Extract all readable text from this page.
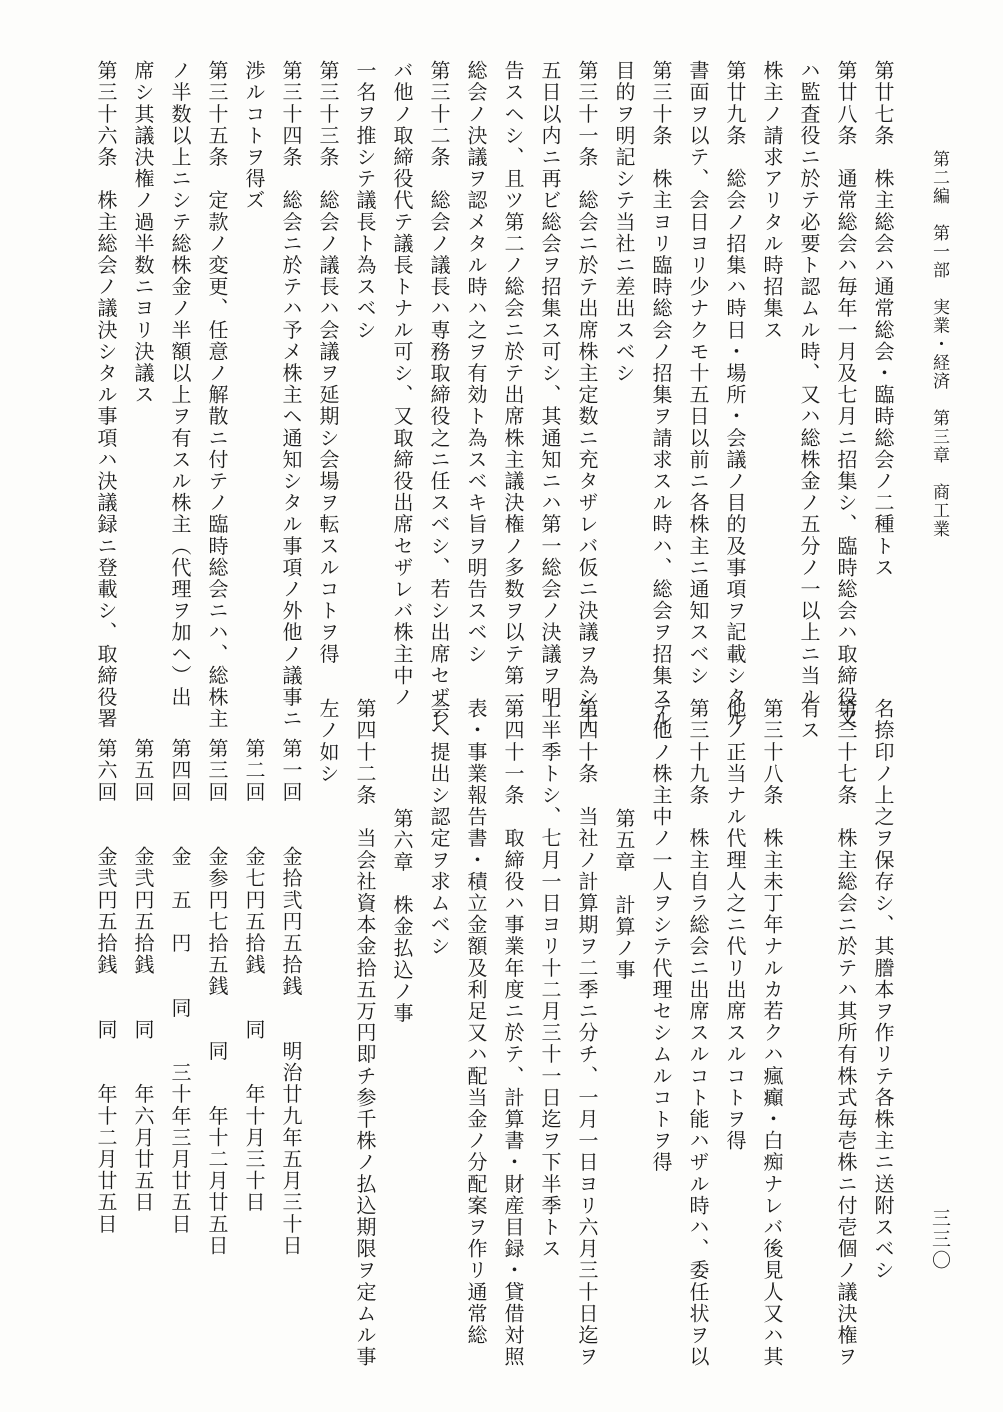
第二編　第一部　実業・経済　第三章　商工業
三三〇
名捺印ノ上之ヲ保存シ、其謄本ヲ作リテ各株主ニ送附スベシ
第三十七条　株主総会ニ於テハ其所有株式毎壱株ニ付壱個ノ議決権ヲ
有ス
第三十八条　株主未丁年ナルカ若クハ瘋癲・白痴ナレバ後見人又ハ其
他ノ正当ナル代理人之ニ代リ出席スルコトヲ得
第三十九条　株主自ラ総会ニ出席スルコト能ハザル時ハ、委任状ヲ以
テ他ノ株主中ノ一人ヲシテ代理セシムルコトヲ得
第五章　計算ノ事
第四十条　当社ノ計算期ヲ二季ニ分チ、一月一日ヨリ六月三十日迄ヲ
上半季トシ、七月一日ヨリ十二月三十一日迄ヲ下半季トス
第四十一条　取締役ハ事業年度ニ於テ、計算書・財産目録・貸借対照
表・事業報告書・積立金額及利足又ハ配当金ノ分配案ヲ作リ通常総
会ヘ提出シ認定ヲ求ムベシ
第六章　株金払込ノ事
第四十二条　当会社資本金拾五万円即チ参千株ノ払込期限ヲ定ムル事
左ノ如シ
第一回　　金拾弐円五拾銭　　明治廿九年五月三十日
第二回　　金七円五拾銭　　同　　年十月三十日
第三回　　金参円七拾五銭　　同　　年十二月廿五日
第四回　　金　五　円　　同　　三十年三月廿五日
第五回　　金弐円五拾銭　　同　　年六月廿五日
第六回　　金弐円五拾銭　　同　　年十二月廿五日
第廿七条　株主総会ハ通常総会・臨時総会ノ二種トス
第廿八条　通常総会ハ毎年一月及七月ニ招集シ、臨時総会ハ取締役又
ハ監査役ニ於テ必要ト認ムル時、又ハ総株金ノ五分ノ一以上ニ当ル
株主ノ請求アリタル時招集ス
第廿九条　総会ノ招集ハ時日・場所・会議ノ目的及事項ヲ記載シタル
書面ヲ以テ、会日ヨリ少ナクモ十五日以前ニ各株主ニ通知スベシ
第三十条　株主ヨリ臨時総会ノ招集ヲ請求スル時ハ、総会ヲ招集スル
目的ヲ明記シテ当社ニ差出スベシ
第三十一条　総会ニ於テ出席株主定数ニ充タザレバ仮ニ決議ヲ為シ十
五日以内ニ再ビ総会ヲ招集ス可シ、其通知ニハ第一総会ノ決議ヲ明
告スヘシ、且ツ第二ノ総会ニ於テ出席株主議決権ノ多数ヲ以テ第一
総会ノ決議ヲ認メタル時ハ之ヲ有効ト為スベキ旨ヲ明告スベシ
第三十二条　総会ノ議長ハ専務取締役之ニ任スベシ、若シ出席セザレ
バ他ノ取締役代テ議長トナル可シ、又取締役出席セザレバ株主中ノ
一名ヲ推シテ議長ト為スベシ
第三十三条　総会ノ議長ハ会議ヲ延期シ会場ヲ転スルコトヲ得
第三十四条　総会ニ於テハ予メ株主ヘ通知シタル事項ノ外他ノ議事ニ
渉ルコトヲ得ズ
第三十五条　定款ノ変更、任意ノ解散ニ付テノ臨時総会ニハ、総株主
ノ半数以上ニシテ総株金ノ半額以上ヲ有スル株主（代理ヲ加ヘ）出
席シ其議決権ノ過半数ニヨリ決議ス
第三十六条　株主総会ノ議決シタル事項ハ決議録ニ登載シ、取締役署
